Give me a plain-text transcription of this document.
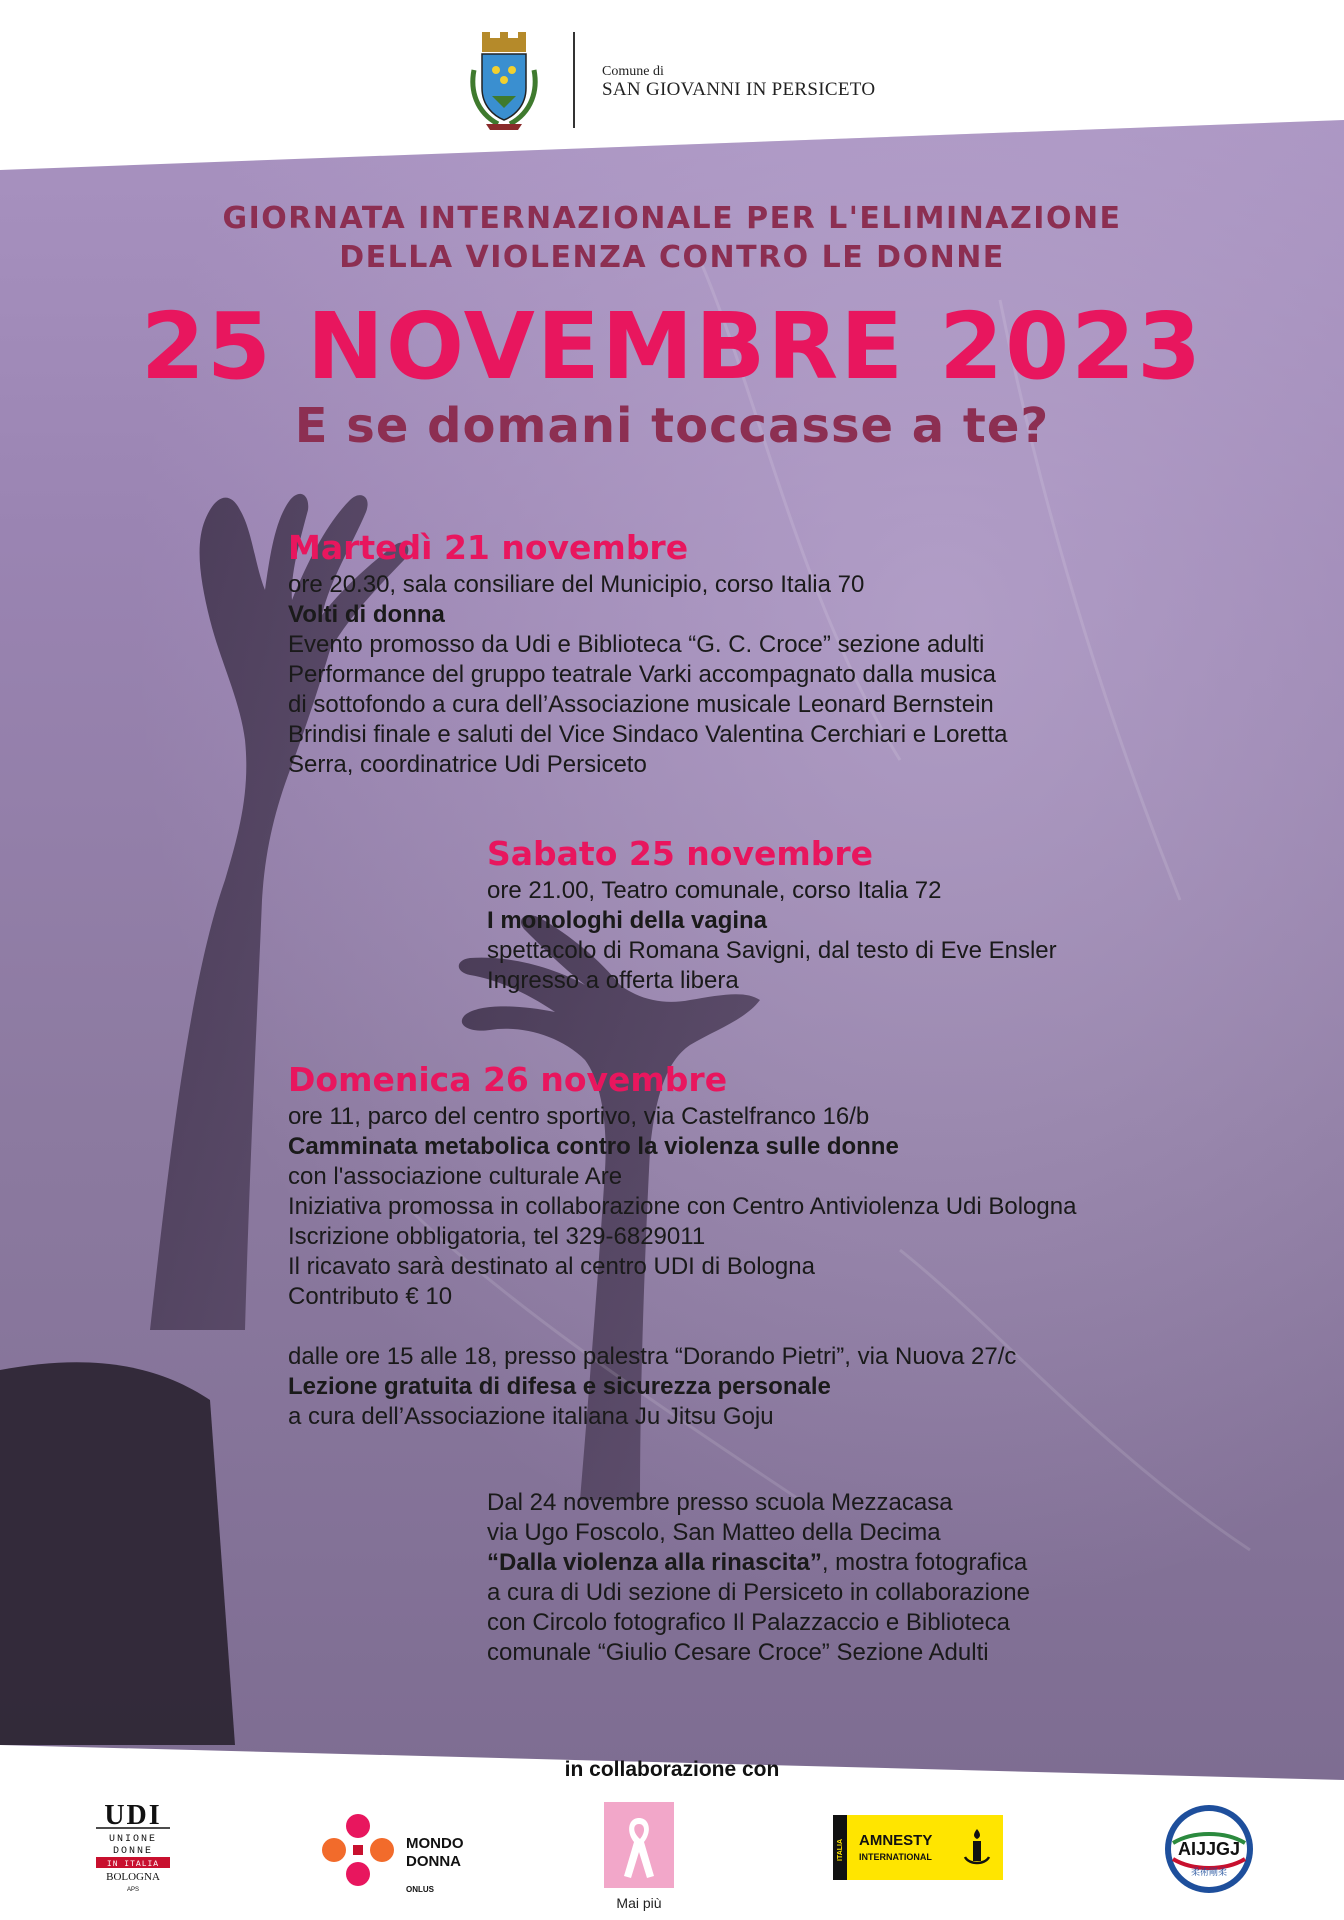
Comune di
SAN GIOVANNI IN PERSICETO
GIORNATA INTERNAZIONALE PER L'ELIMINAZIONE
DELLA VIOLENZA CONTRO LE DONNE
25 NOVEMBRE 2023
E se domani toccasse a te?
Martedì 21 novembre
ore 20.30, sala consiliare del Municipio, corso Italia 70
Volti di donna
Evento promosso da Udi e Biblioteca “G. C. Croce” sezione adulti
Performance del gruppo teatrale Varki accompagnato dalla musica
di sottofondo a cura dell’Associazione musicale Leonard Bernstein
Brindisi finale e saluti del Vice Sindaco Valentina Cerchiari e Loretta
Serra, coordinatrice Udi Persiceto
Sabato 25 novembre
ore 21.00, Teatro comunale, corso Italia 72
I monologhi della vagina
spettacolo di Romana Savigni, dal testo di Eve Ensler
Ingresso a offerta libera
Domenica 26 novembre
ore 11, parco del centro sportivo, via Castelfranco 16/b
Camminata metabolica contro la violenza sulle donne
con l'associazione culturale Are
Iniziativa promossa in collaborazione con Centro Antiviolenza Udi Bologna
Iscrizione obbligatoria, tel 329-6829011
Il ricavato sarà destinato al centro UDI di Bologna
Contributo € 10
dalle ore 15 alle 18, presso palestra “Dorando Pietri”, via Nuova 27/c
Lezione gratuita di difesa e sicurezza personale
a cura dell’Associazione italiana Ju Jitsu Goju
Dal 24 novembre presso scuola Mezzacasa
via Ugo Foscolo, San Matteo della Decima
“Dalla violenza alla rinascita”, mostra fotografica
a cura di Udi sezione di Persiceto in collaborazione
con Circolo fotografico Il Palazzaccio e Biblioteca
comunale “Giulio Cesare Croce” Sezione Adulti
in collaborazione con
UDI
UNIONE
DONNE
IN ITALIA
BOLOGNA
APS
MONDO
DONNA
ONLUS
Mai più
ITALIA AMNESTY
INTERNATIONAL	AIJJGJ
柔術剛柔
